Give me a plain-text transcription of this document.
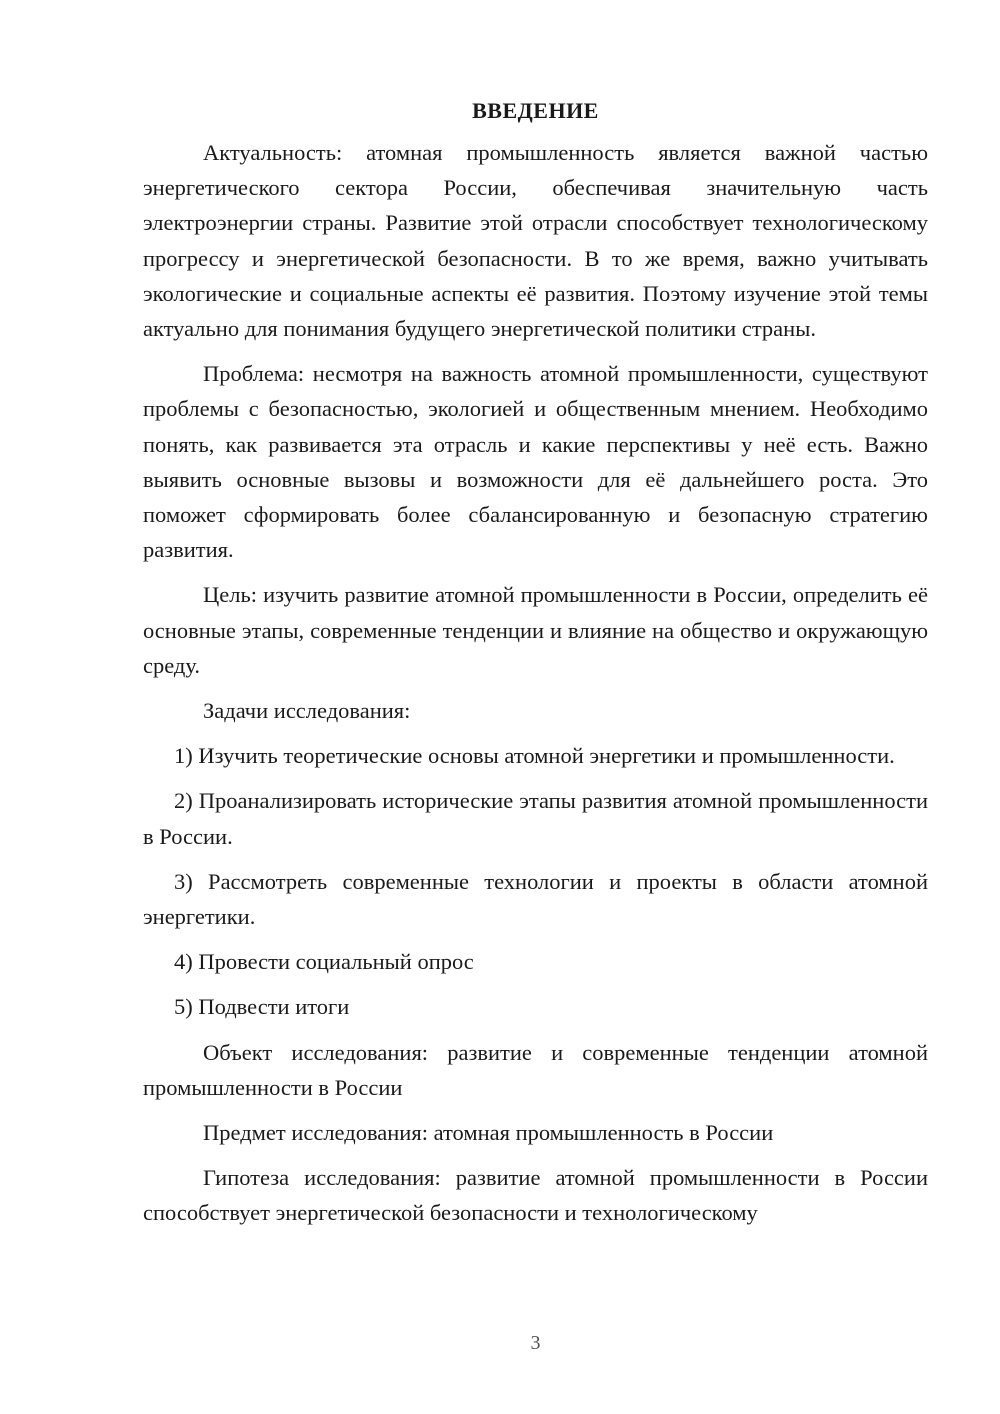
ВВЕДЕНИЕ

Актуальность: атомная промышленность является важной частью энергетического сектора России, обеспечивая значительную часть электроэнергии страны. Развитие этой отрасли способствует технологическому прогрессу и энергетической безопасности. В то же время, важно учитывать экологические и социальные аспекты её развития. Поэтому изучение этой темы актуально для понимания будущего энергетической политики страны.

Проблема: несмотря на важность атомной промышленности, существуют проблемы с безопасностью, экологией и общественным мнением. Необходимо понять, как развивается эта отрасль и какие перспективы у неё есть. Важно выявить основные вызовы и возможности для её дальнейшего роста. Это поможет сформировать более сбалансированную и безопасную стратегию развития.

Цель: изучить развитие атомной промышленности в России, определить её основные этапы, современные тенденции и влияние на общество и окружающую среду.

Задачи исследования:

1) Изучить теоретические основы атомной энергетики и промышленности.

2) Проанализировать исторические этапы развития атомной промышленности в России.

3) Рассмотреть современные технологии и проекты в области атомной энергетики.

4) Провести социальный опрос

5) Подвести итоги

Объект исследования: развитие и современные тенденции атомной промышленности в России

Предмет исследования: атомная промышленность в России

Гипотеза исследования: развитие атомной промышленности в России способствует энергетической безопасности и технологическому

3
